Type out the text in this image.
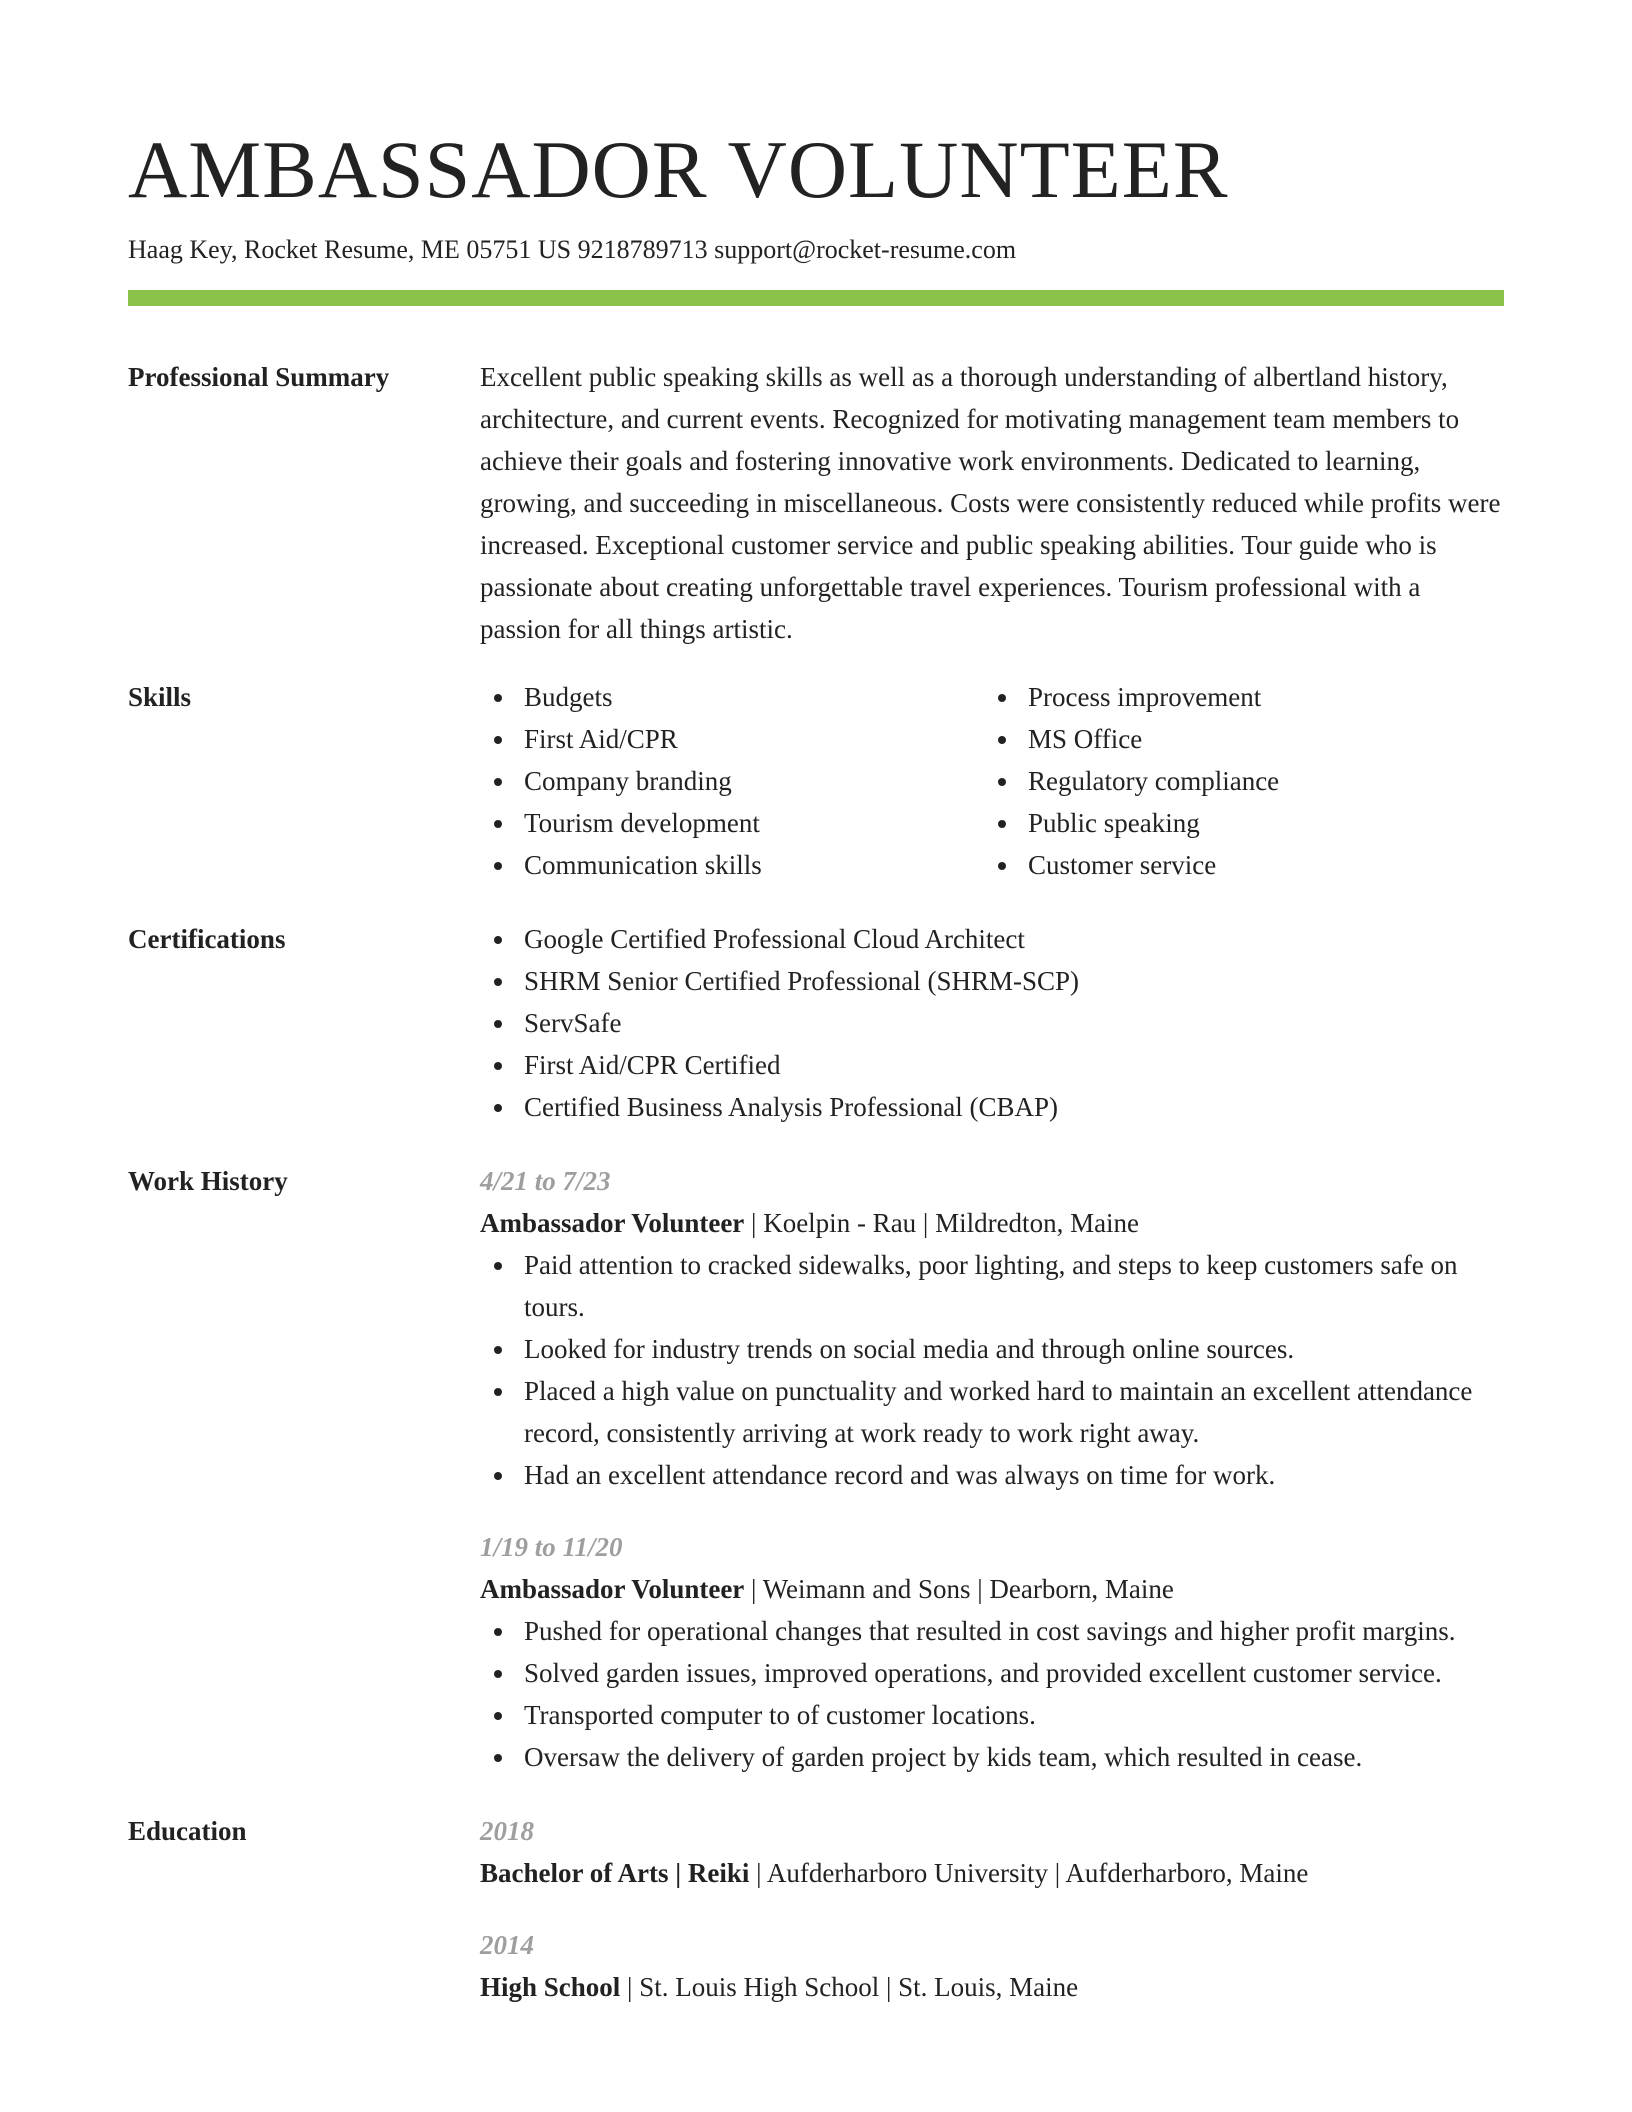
AMBASSADOR VOLUNTEER
Haag Key, Rocket Resume, ME 05751 US 9218789713 support@rocket-resume.com
Professional Summary	Excellent public speaking skills as well as a thorough understanding of albertland history, architecture, and current events. Recognized for motivating management team members to achieve their goals and fostering innovative work environments. Dedicated to learning, growing, and succeeding in miscellaneous. Costs were consistently reduced while profits were increased. Exceptional customer service and public speaking abilities. Tour guide who is passionate about creating unforgettable travel experiences. Tourism professional with a passion for all things artistic.

Skills	Budgets
First Aid/CPR
Company branding
Tourism development
Communication skills
Process improvement
MS Office
Regulatory compliance
Public speaking
Customer service
Certifications	Google Certified Professional Cloud Architect
SHRM Senior Certified Professional (SHRM-SCP)
ServSafe
First Aid/CPR Certified
Certified Business Analysis Professional (CBAP)
Work History	4/21 to 7/23
Ambassador Volunteer | Koelpin - Rau | Mildredton, Maine
Paid attention to cracked sidewalks, poor lighting, and steps to keep customers safe on tours.
Looked for industry trends on social media and through online sources.
Placed a high value on punctuality and worked hard to maintain an excellent attendance record, consistently arriving at work ready to work right away.
Had an excellent attendance record and was always on time for work.
1/19 to 11/20
Ambassador Volunteer | Weimann and Sons | Dearborn, Maine
Pushed for operational changes that resulted in cost savings and higher profit margins.
Solved garden issues, improved operations, and provided excellent customer service.
Transported computer to of customer locations.
Oversaw the delivery of garden project by kids team, which resulted in cease.
Education	2018
Bachelor of Arts | Reiki | Aufderharboro University | Aufderharboro, Maine
2014
High School | St. Louis High School | St. Louis, Maine
